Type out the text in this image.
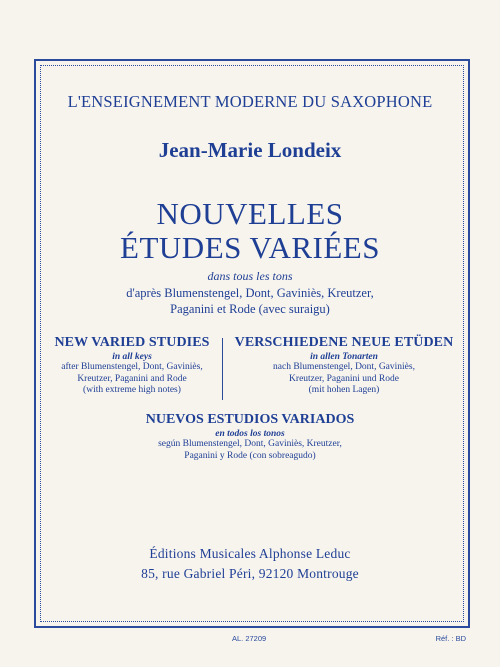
L'ENSEIGNEMENT MODERNE DU SAXOPHONE
Jean-Marie Londeix
NOUVELLES
ÉTUDES VARIÉES
dans tous les tons
d'après Blumenstengel, Dont, Gaviniès, Kreutzer,
Paganini et Rode (avec suraigu)
NEW VARIED STUDIES
in all keys
after Blumenstengel, Dont, Gaviniès,
Kreutzer, Paganini and Rode
(with extreme high notes)
VERSCHIEDENE NEUE ETÜDEN
in allen Tonarten
nach Blumenstengel, Dont, Gaviniès,
Kreutzer, Paganini und Rode
(mit hohen Lagen)
NUEVOS ESTUDIOS VARIADOS
en todos los tonos
según Blumenstengel, Dont, Gaviniès, Kreutzer,
Paganini y Rode (con sobreagudo)
Éditions Musicales Alphonse Leduc
85, rue Gabriel Péri, 92120 Montrouge
AL. 27209	Réf. : BD
